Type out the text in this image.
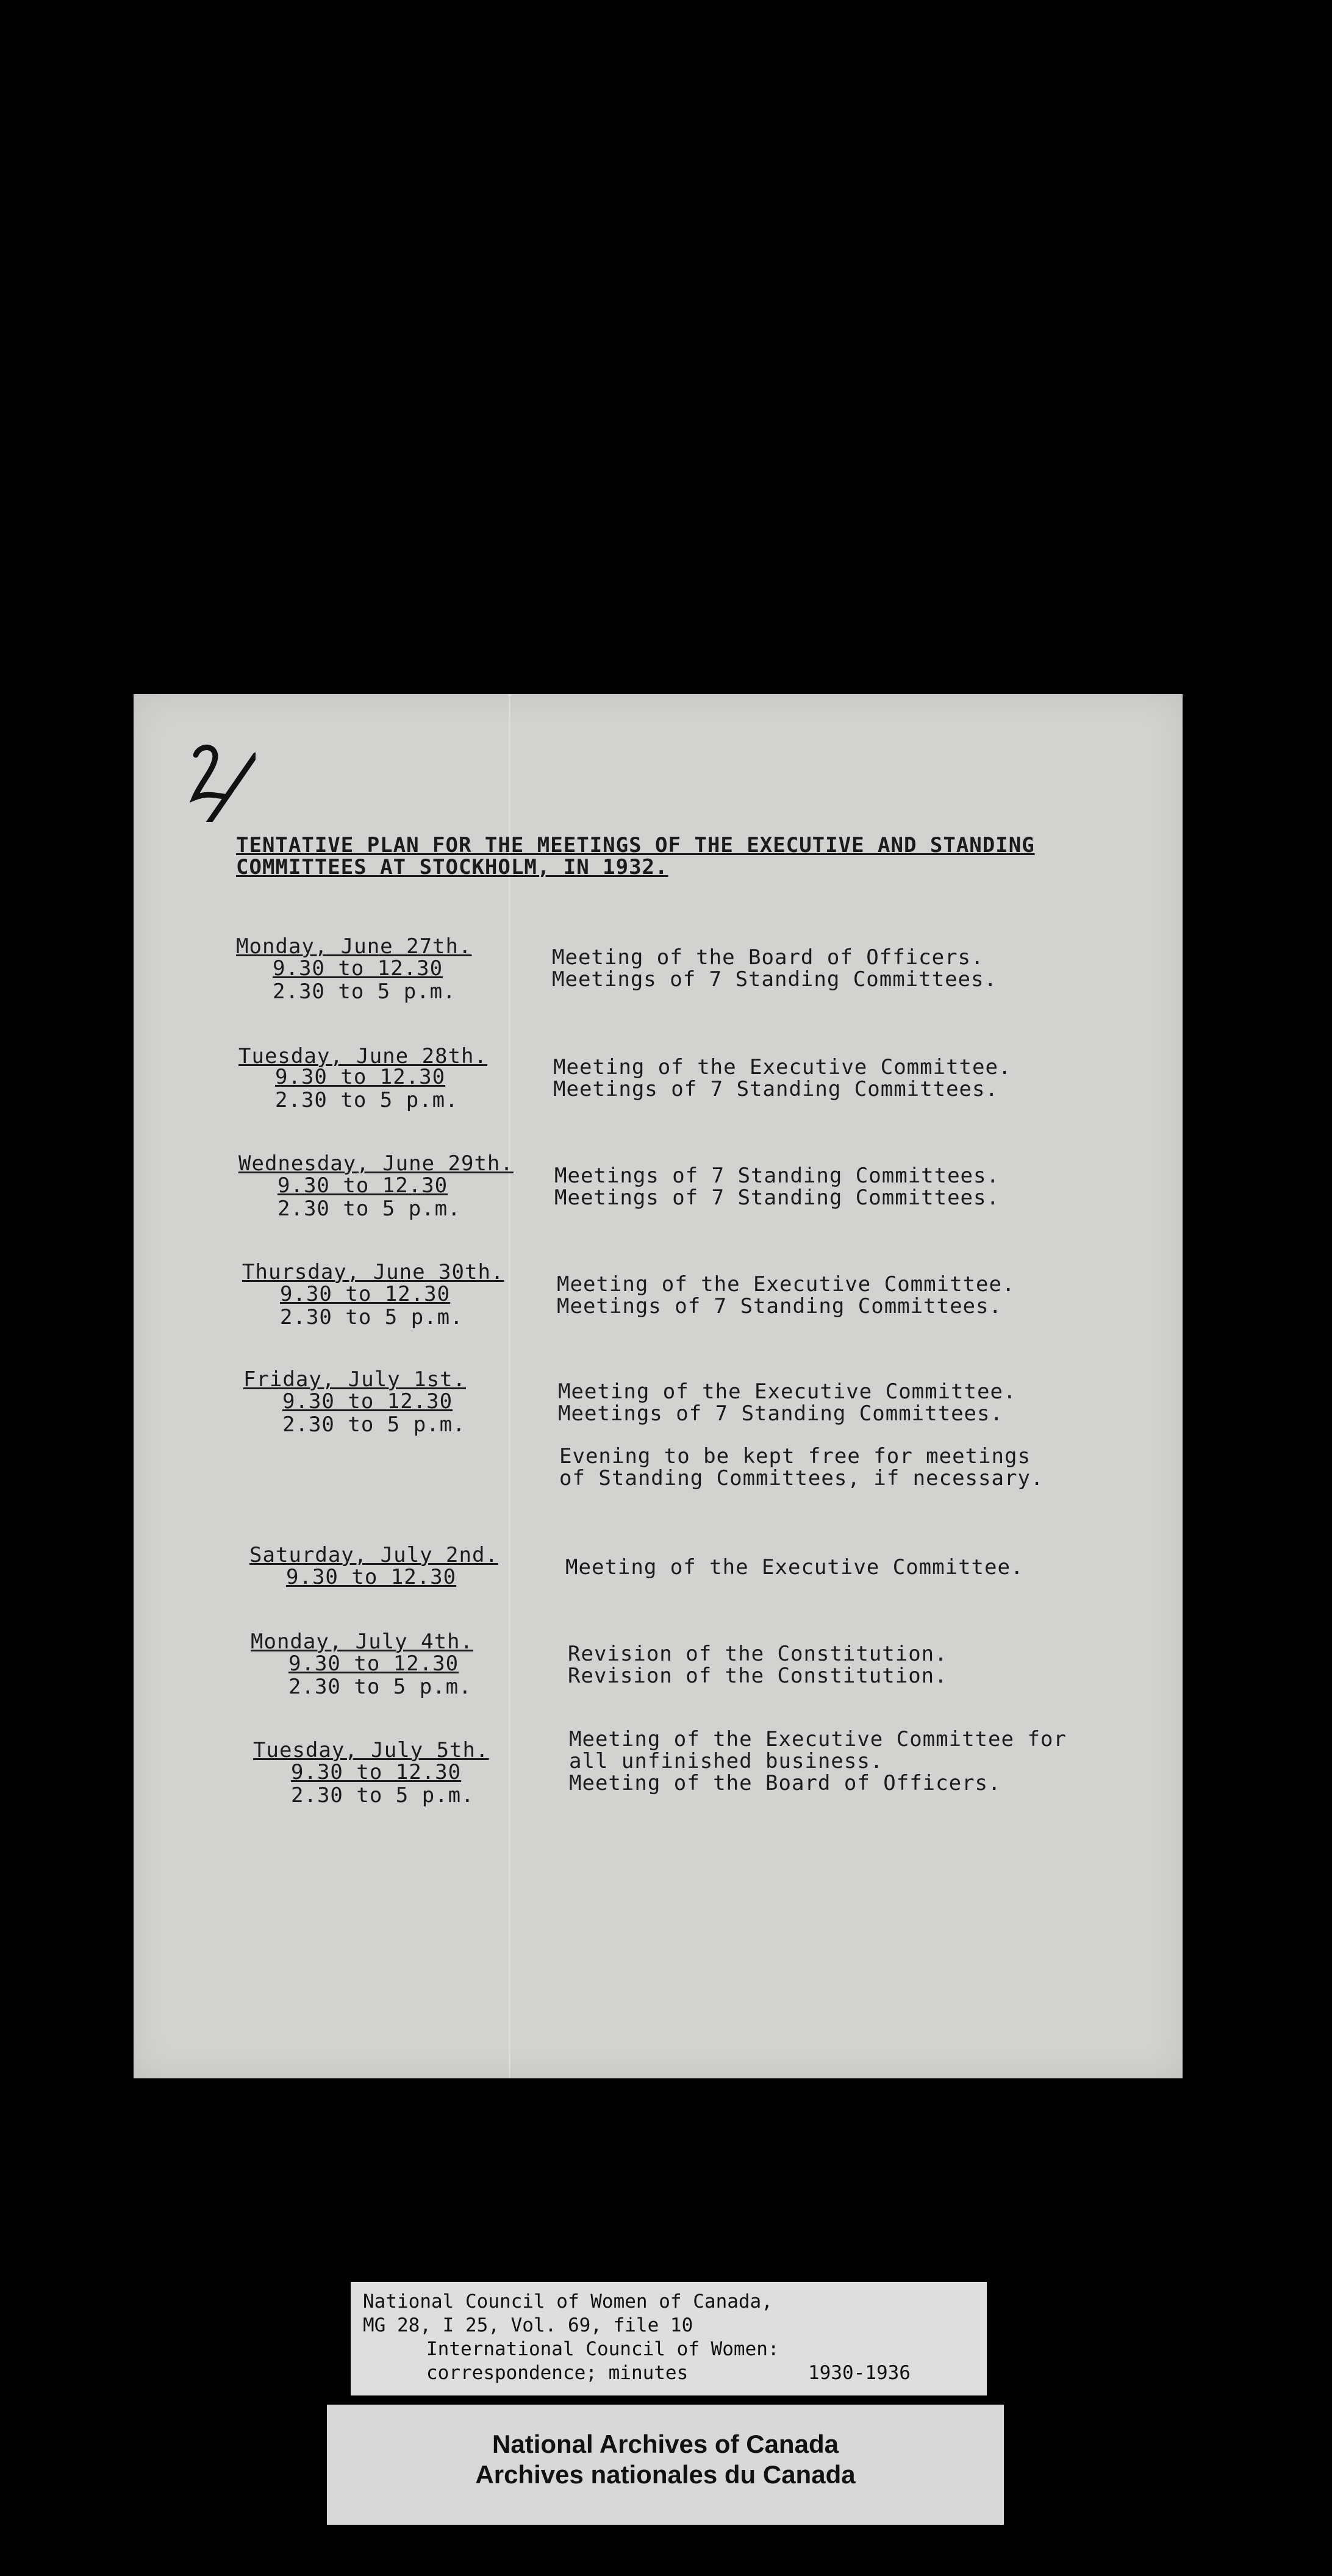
TENTATIVE PLAN FOR THE MEETINGS OF THE EXECUTIVE AND STANDING
COMMITTEES AT STOCKHOLM, IN 1932.
Monday, June 27th.
9.30 to 12.30
2.30 to 5 p.m.
Meeting of the Board of Officers.
Meetings of 7 Standing Committees.
Tuesday, June 28th.
9.30 to 12.30
2.30 to 5 p.m.
Meeting of the Executive Committee.
Meetings of 7 Standing Committees.
Wednesday, June 29th.
9.30 to 12.30
2.30 to 5 p.m.
Meetings of 7 Standing Committees.
Meetings of 7 Standing Committees.
Thursday, June 30th.
9.30 to 12.30
2.30 to 5 p.m.
Meeting of the Executive Committee.
Meetings of 7 Standing Committees.
Friday, July 1st.
9.30 to 12.30
2.30 to 5 p.m.
Meeting of the Executive Committee.
Meetings of 7 Standing Committees.
Evening to be kept free for meetings
of Standing Committees, if necessary.
Saturday, July 2nd.
9.30 to 12.30	Meeting of the Executive Committee.
Monday, July 4th.
9.30 to 12.30
2.30 to 5 p.m.
Revision of the Constitution.
Revision of the Constitution.
Tuesday, July 5th.
9.30 to 12.30
2.30 to 5 p.m.
Meeting of the Executive Committee for
all unfinished business.
Meeting of the Board of Officers.
National Council of Women of Canada,
MG 28, I 25, Vol. 69, file 10
International Council of Women:
correspondence; minutes	1930-1936
National Archives of Canada
Archives nationales du Canada
